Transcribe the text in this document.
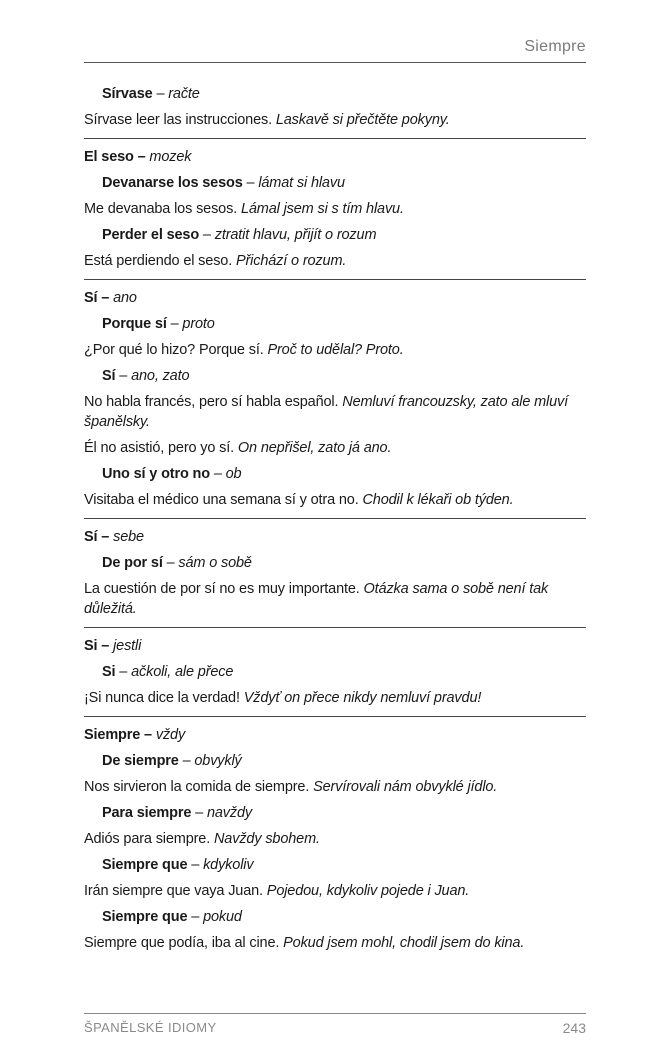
Siempre
Sírvase – račte
Sírvase leer las instrucciones. Laskavě si přečtěte pokyny.
El seso – mozek
Devanarse los sesos – lámat si hlavu
Me devanaba los sesos. Lámal jsem si s tím hlavu.
Perder el seso – ztratit hlavu, přijít o rozum
Está perdiendo el seso. Přichází o rozum.
Sí – ano
Porque sí – proto
¿Por qué lo hizo? Porque sí. Proč to udělal? Proto.
Sí – ano, zato
No habla francés, pero sí habla español. Nemluví francouzsky, zato ale mluví španělsky.
Él no asistió, pero yo sí. On nepřišel, zato já ano.
Uno sí y otro no – ob
Visitaba el médico una semana sí y otra no. Chodil k lékaři ob týden.
Sí – sebe
De por sí – sám o sobě
La cuestión de por sí no es muy importante. Otázka sama o sobě není tak důležitá.
Si – jestli
Si – ačkoli, ale přece
¡Si nunca dice la verdad! Vždyť on přece nikdy nemluví pravdu!
Siempre – vždy
De siempre – obvyklý
Nos sirvieron la comida de siempre. Servírovali nám obvyklé jídlo.
Para siempre – navždy
Adiós para siempre. Navždy sbohem.
Siempre que – kdykoliv
Irán siempre que vaya Juan. Pojedou, kdykoliv pojede i Juan.
Siempre que – pokud
Siempre que podía, iba al cine. Pokud jsem mohl, chodil jsem do kina.
ŠPANĚLSKÉ IDIOMY	243
